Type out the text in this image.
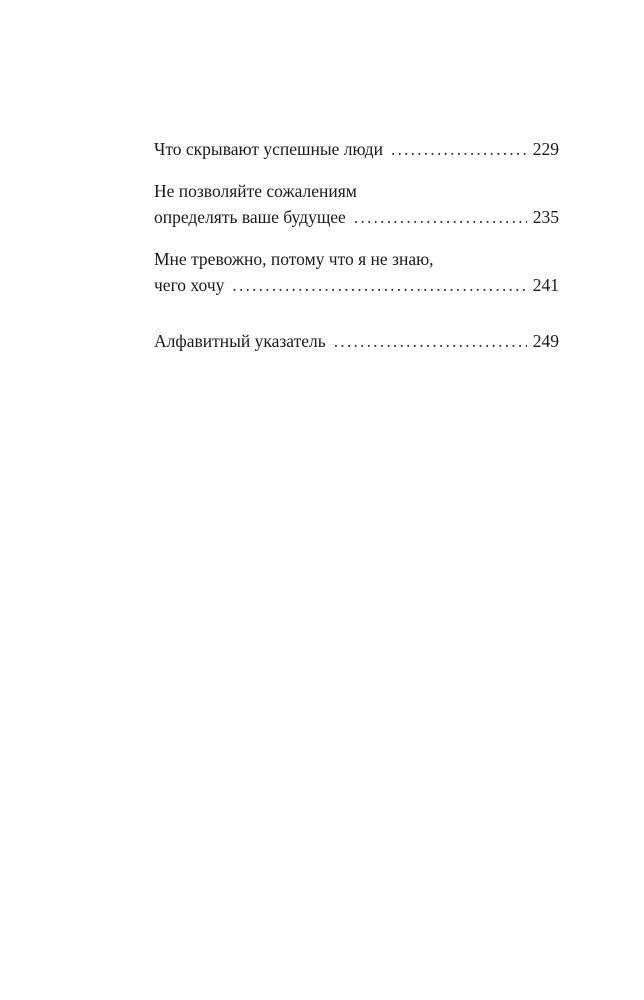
Что скрывают успешные люди .....	229
Не позволяйте сожалениям
определять ваше будущее .....	235
Мне тревожно, потому что я не знаю,
чего хочу .....	241
Алфавитный указатель .....	249
